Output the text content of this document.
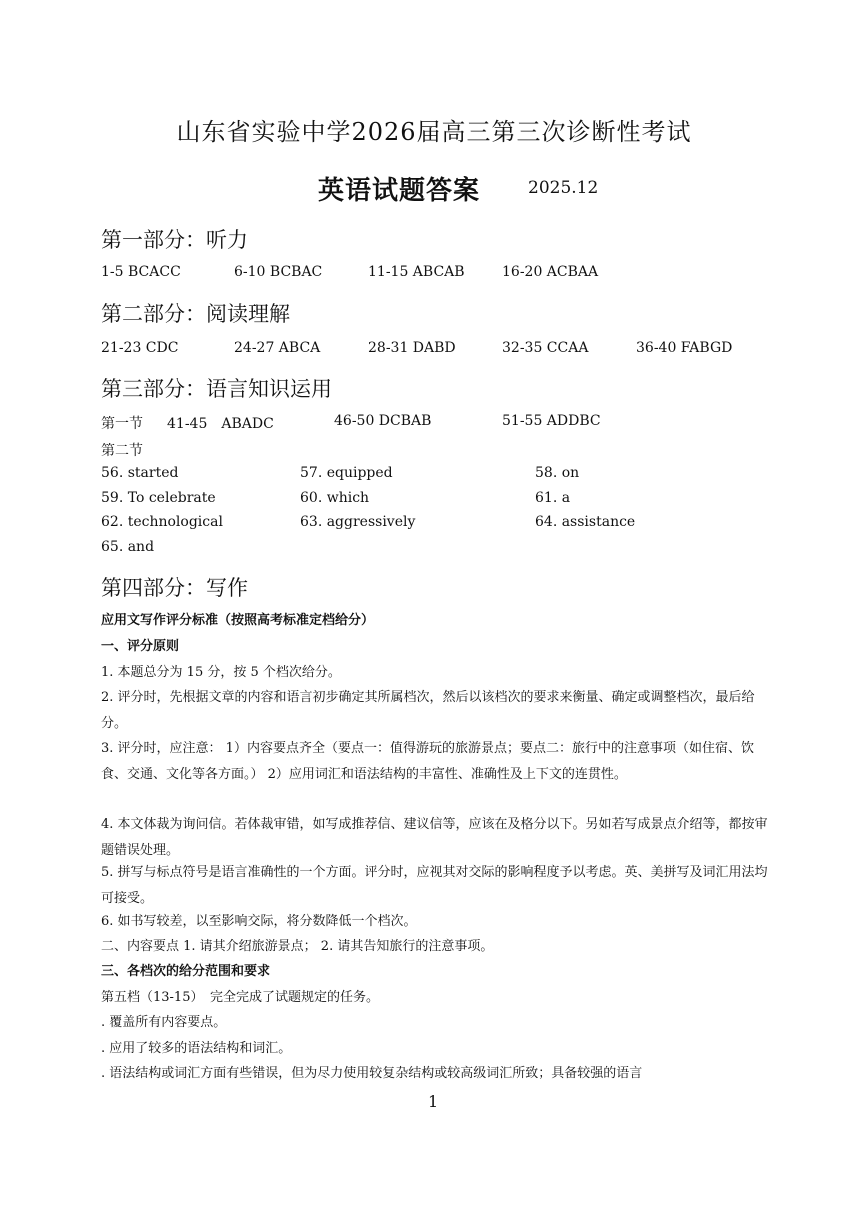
山东省实验中学2026届高三第三次诊断性考试
英语试题答案	2025.12
第一部分：听力
1-5 BCACC	6-10 BCBAC	11-15 ABCAB	16-20 ACBAA
第二部分：阅读理解
21-23 CDC	24-27 ABCA	28-31 DABD	32-35 CCAA	36-40 FABGD
第三部分：语言知识运用
第一节 41-45　ABADC	46-50 DCBAB	51-55 ADDBC
第二节
56. started	57. equipped	58. on
59. To celebrate	60. which	61. a
62. technological	63. aggressively	64. assistance
65. and
第四部分：写作
应用文写作评分标准（按照高考标准定档给分）
一、评分原则
1. 本题总分为 15 分，按 5 个档次给分。
2. 评分时，先根据文章的内容和语言初步确定其所属档次，然后以该档次的要求来衡量、确定或调整档次，最后给分。
3. 评分时，应注意： 1）内容要点齐全（要点一：值得游玩的旅游景点；要点二：旅行中的注意事项（如住宿、饮食、交通、文化等各方面。） 2）应用词汇和语法结构的丰富性、准确性及上下文的连贯性。
4. 本文体裁为询问信。若体裁审错，如写成推荐信、建议信等，应该在及格分以下。另如若写成景点介绍等，都按审题错误处理。
5. 拼写与标点符号是语言准确性的一个方面。评分时，应视其对交际的影响程度予以考虑。英、美拼写及词汇用法均可接受。
6. 如书写较差，以至影响交际，将分数降低一个档次。
二、内容要点 1. 请其介绍旅游景点； 2. 请其告知旅行的注意事项。
三、各档次的给分范围和要求
第五档（13-15）　完全完成了试题规定的任务。
. 覆盖所有内容要点。
. 应用了较多的语法结构和词汇。
. 语法结构或词汇方面有些错误，但为尽力使用较复杂结构或较高级词汇所致；具备较强的语言
1
